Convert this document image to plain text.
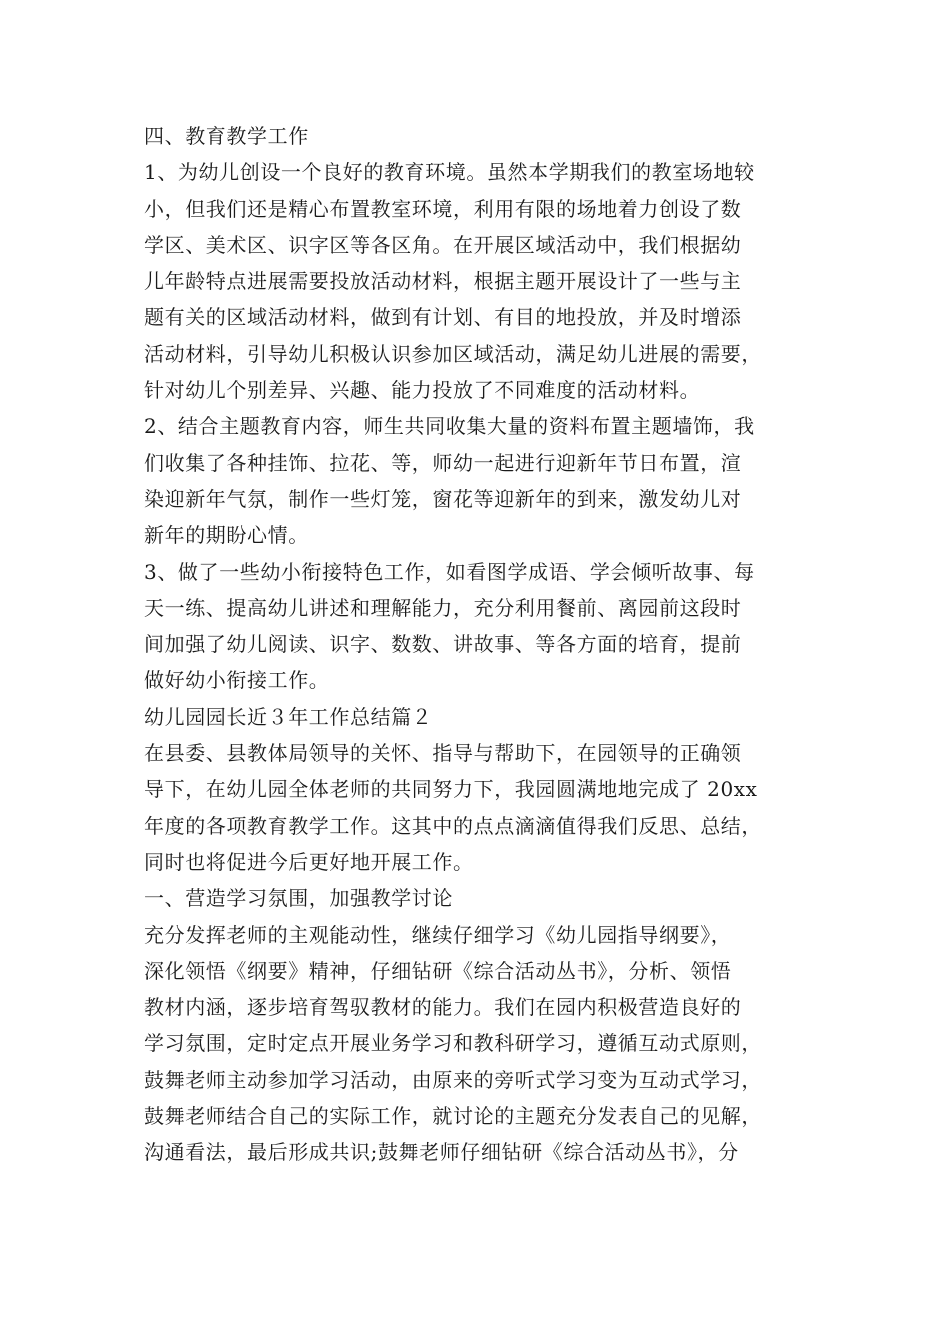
四、教育教学工作
1、为幼儿创设一个良好的教育环境。虽然本学期我们的教室场地较
小，但我们还是精心布置教室环境，利用有限的场地着力创设了数
学区、美术区、识字区等各区角。在开展区域活动中，我们根据幼
儿年龄特点进展需要投放活动材料，根据主题开展设计了一些与主
题有关的区域活动材料，做到有计划、有目的地投放，并及时增添
活动材料，引导幼儿积极认识参加区域活动，满足幼儿进展的需要，
针对幼儿个别差异、兴趣、能力投放了不同难度的活动材料。
2、结合主题教育内容，师生共同收集大量的资料布置主题墙饰，我
们收集了各种挂饰、拉花、等，师幼一起进行迎新年节日布置，渲
染迎新年气氛，制作一些灯笼，窗花等迎新年的到来，激发幼儿对
新年的期盼心情。
3、做了一些幼小衔接特色工作，如看图学成语、学会倾听故事、每
天一练、提高幼儿讲述和理解能力，充分利用餐前、离园前这段时
间加强了幼儿阅读、识字、数数、讲故事、等各方面的培育，提前
做好幼小衔接工作。
幼儿园园长近３年工作总结篇２
在县委、县教体局领导的关怀、指导与帮助下，在园领导的正确领
导下，在幼儿园全体老师的共同努力下，我园圆满地地完成了 20xx
年度的各项教育教学工作。这其中的点点滴滴值得我们反思、总结，
同时也将促进今后更好地开展工作。
一、营造学习氛围，加强教学讨论
充分发挥老师的主观能动性，继续仔细学习《幼儿园指导纲要》，
深化领悟《纲要》精神，仔细钻研《综合活动丛书》，分析、领悟
教材内涵，逐步培育驾驭教材的能力。我们在园内积极营造良好的
学习氛围，定时定点开展业务学习和教科研学习，遵循互动式原则，
鼓舞老师主动参加学习活动，由原来的旁听式学习变为互动式学习，
鼓舞老师结合自己的实际工作，就讨论的主题充分发表自己的见解，
沟通看法，最后形成共识;鼓舞老师仔细钻研《综合活动丛书》，分
